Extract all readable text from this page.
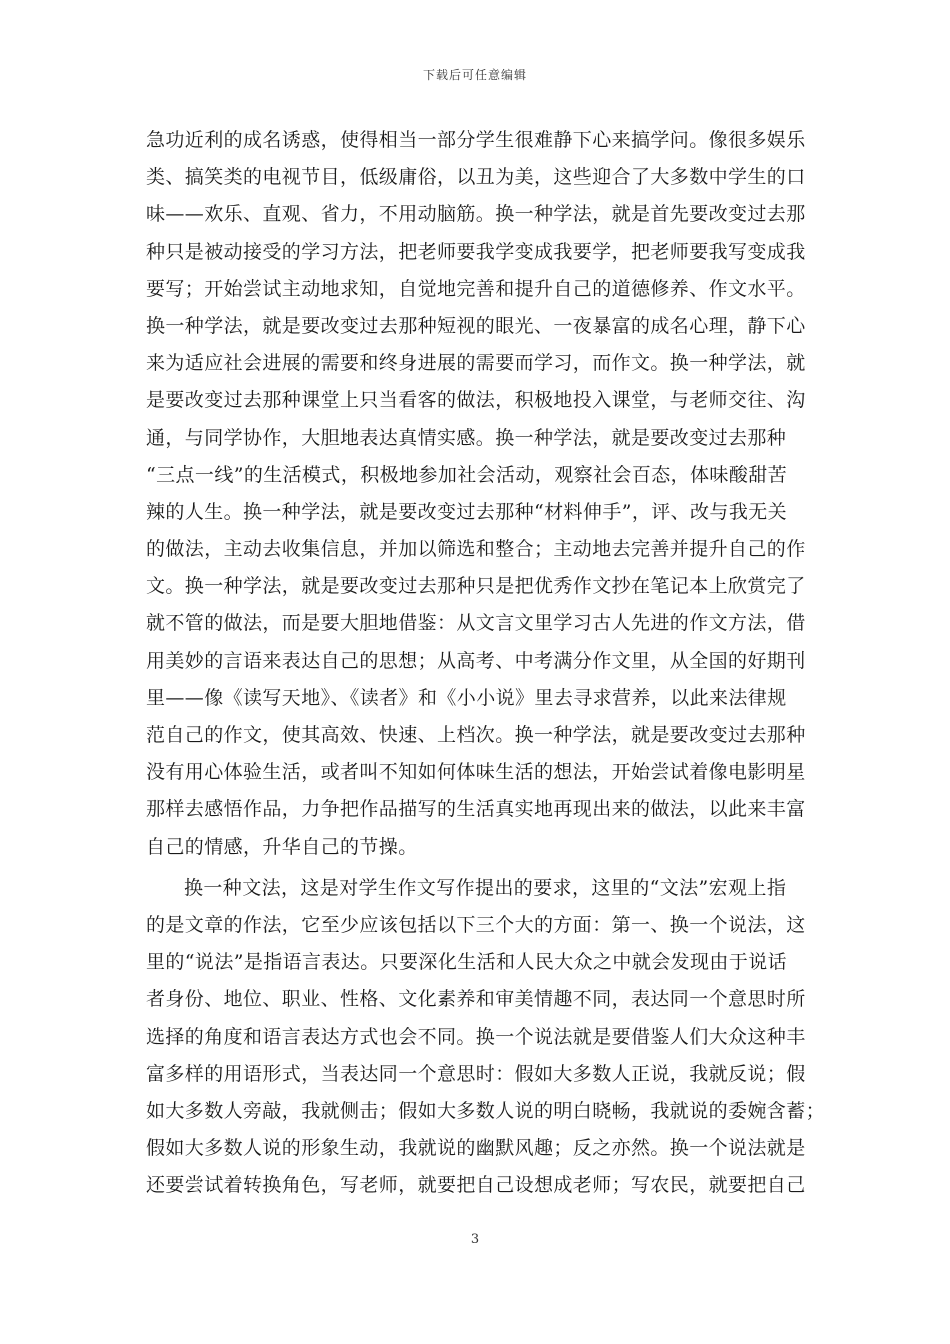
下载后可任意编辑
急功近利的成名诱惑，使得相当一部分学生很难静下心来搞学问。像很多娱乐
类、搞笑类的电视节目，低级庸俗，以丑为美，这些迎合了大多数中学生的口
味——欢乐、直观、省力，不用动脑筋。换一种学法，就是首先要改变过去那
种只是被动接受的学习方法，把老师要我学变成我要学，把老师要我写变成我
要写；开始尝试主动地求知，自觉地完善和提升自己的道德修养、作文水平。
换一种学法，就是要改变过去那种短视的眼光、一夜暴富的成名心理，静下心
来为适应社会进展的需要和终身进展的需要而学习，而作文。换一种学法，就
是要改变过去那种课堂上只当看客的做法，积极地投入课堂，与老师交往、沟
通，与同学协作，大胆地表达真情实感。换一种学法，就是要改变过去那种
“三点一线”的生活模式，积极地参加社会活动，观察社会百态，体味酸甜苦
辣的人生。换一种学法，就是要改变过去那种“材料伸手”，评、改与我无关
的做法，主动去收集信息，并加以筛选和整合；主动地去完善并提升自己的作
文。换一种学法，就是要改变过去那种只是把优秀作文抄在笔记本上欣赏完了
就不管的做法，而是要大胆地借鉴：从文言文里学习古人先进的作文方法，借
用美妙的言语来表达自己的思想；从高考、中考满分作文里，从全国的好期刊
里——像《读写天地》、《读者》和《小小说》里去寻求营养，以此来法律规
范自己的作文，使其高效、快速、上档次。换一种学法，就是要改变过去那种
没有用心体验生活，或者叫不知如何体味生活的想法，开始尝试着像电影明星
那样去感悟作品，力争把作品描写的生活真实地再现出来的做法，以此来丰富
自己的情感，升华自己的节操。
换一种文法，这是对学生作文写作提出的要求，这里的“文法”宏观上指
的是文章的作法，它至少应该包括以下三个大的方面：第一、换一个说法，这
里的“说法”是指语言表达。只要深化生活和人民大众之中就会发现由于说话
者身份、地位、职业、性格、文化素养和审美情趣不同，表达同一个意思时所
选择的角度和语言表达方式也会不同。换一个说法就是要借鉴人们大众这种丰
富多样的用语形式，当表达同一个意思时：假如大多数人正说，我就反说；假
如大多数人旁敲，我就侧击；假如大多数人说的明白晓畅，我就说的委婉含蓄；
假如大多数人说的形象生动，我就说的幽默风趣；反之亦然。换一个说法就是
还要尝试着转换角色，写老师，就要把自己设想成老师；写农民，就要把自己
3
